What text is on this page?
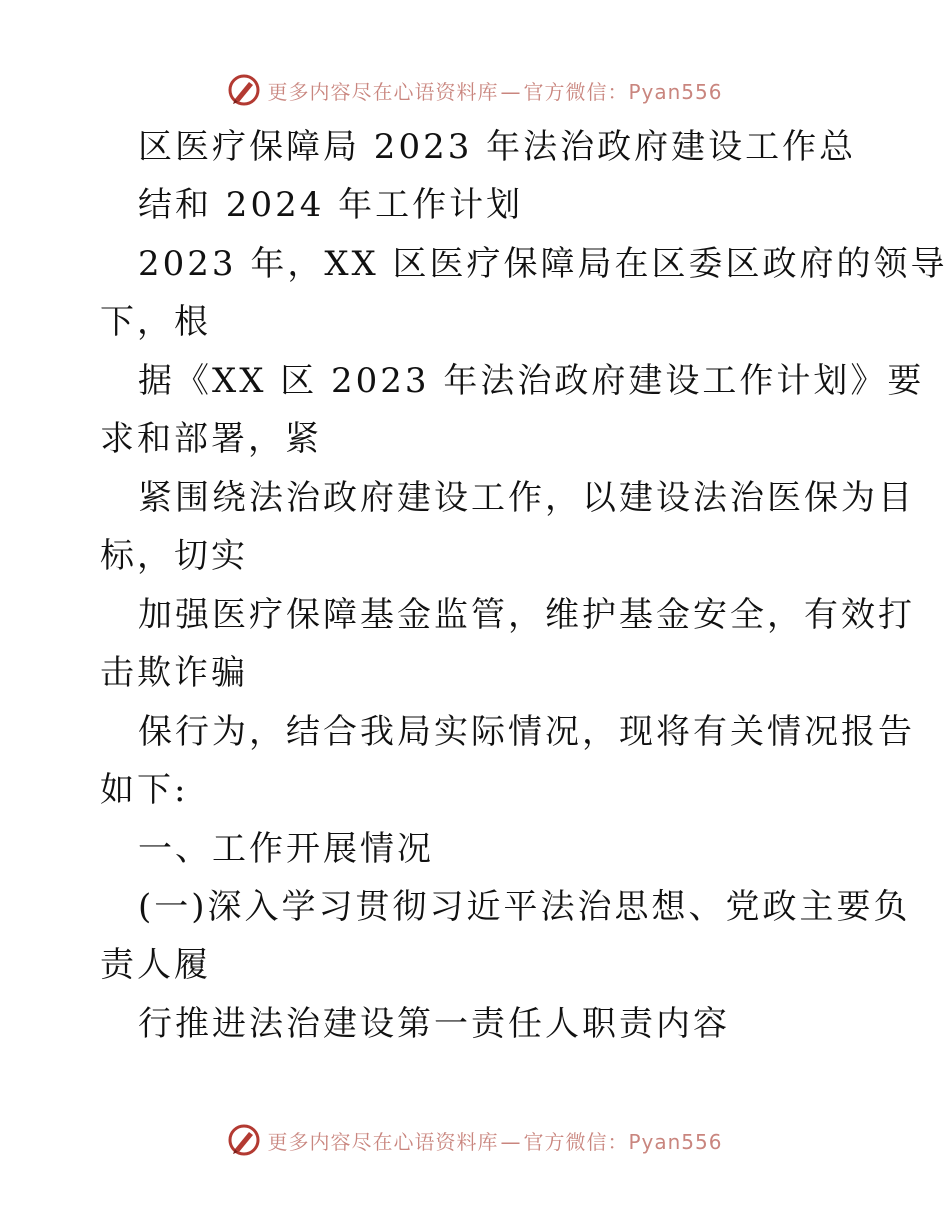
更多内容尽在心语资料库 — 官方微信：Pyan556
区医疗保障局 2023 年法治政府建设工作总
结和 2024 年工作计划
2023 年，XX 区医疗保障局在区委区政府的领导
下，根
据《XX 区 2023 年法治政府建设工作计划》要
求和部署，紧
紧围绕法治政府建设工作，以建设法治医保为目
标，切实
加强医疗保障基金监管，维护基金安全，有效打
击欺诈骗
保行为，结合我局实际情况，现将有关情况报告
如下:
一、工作开展情况
(一)深入学习贯彻习近平法治思想、党政主要负
责人履
行推进法治建设第一责任人职责内容
更多内容尽在心语资料库 — 官方微信：Pyan556
